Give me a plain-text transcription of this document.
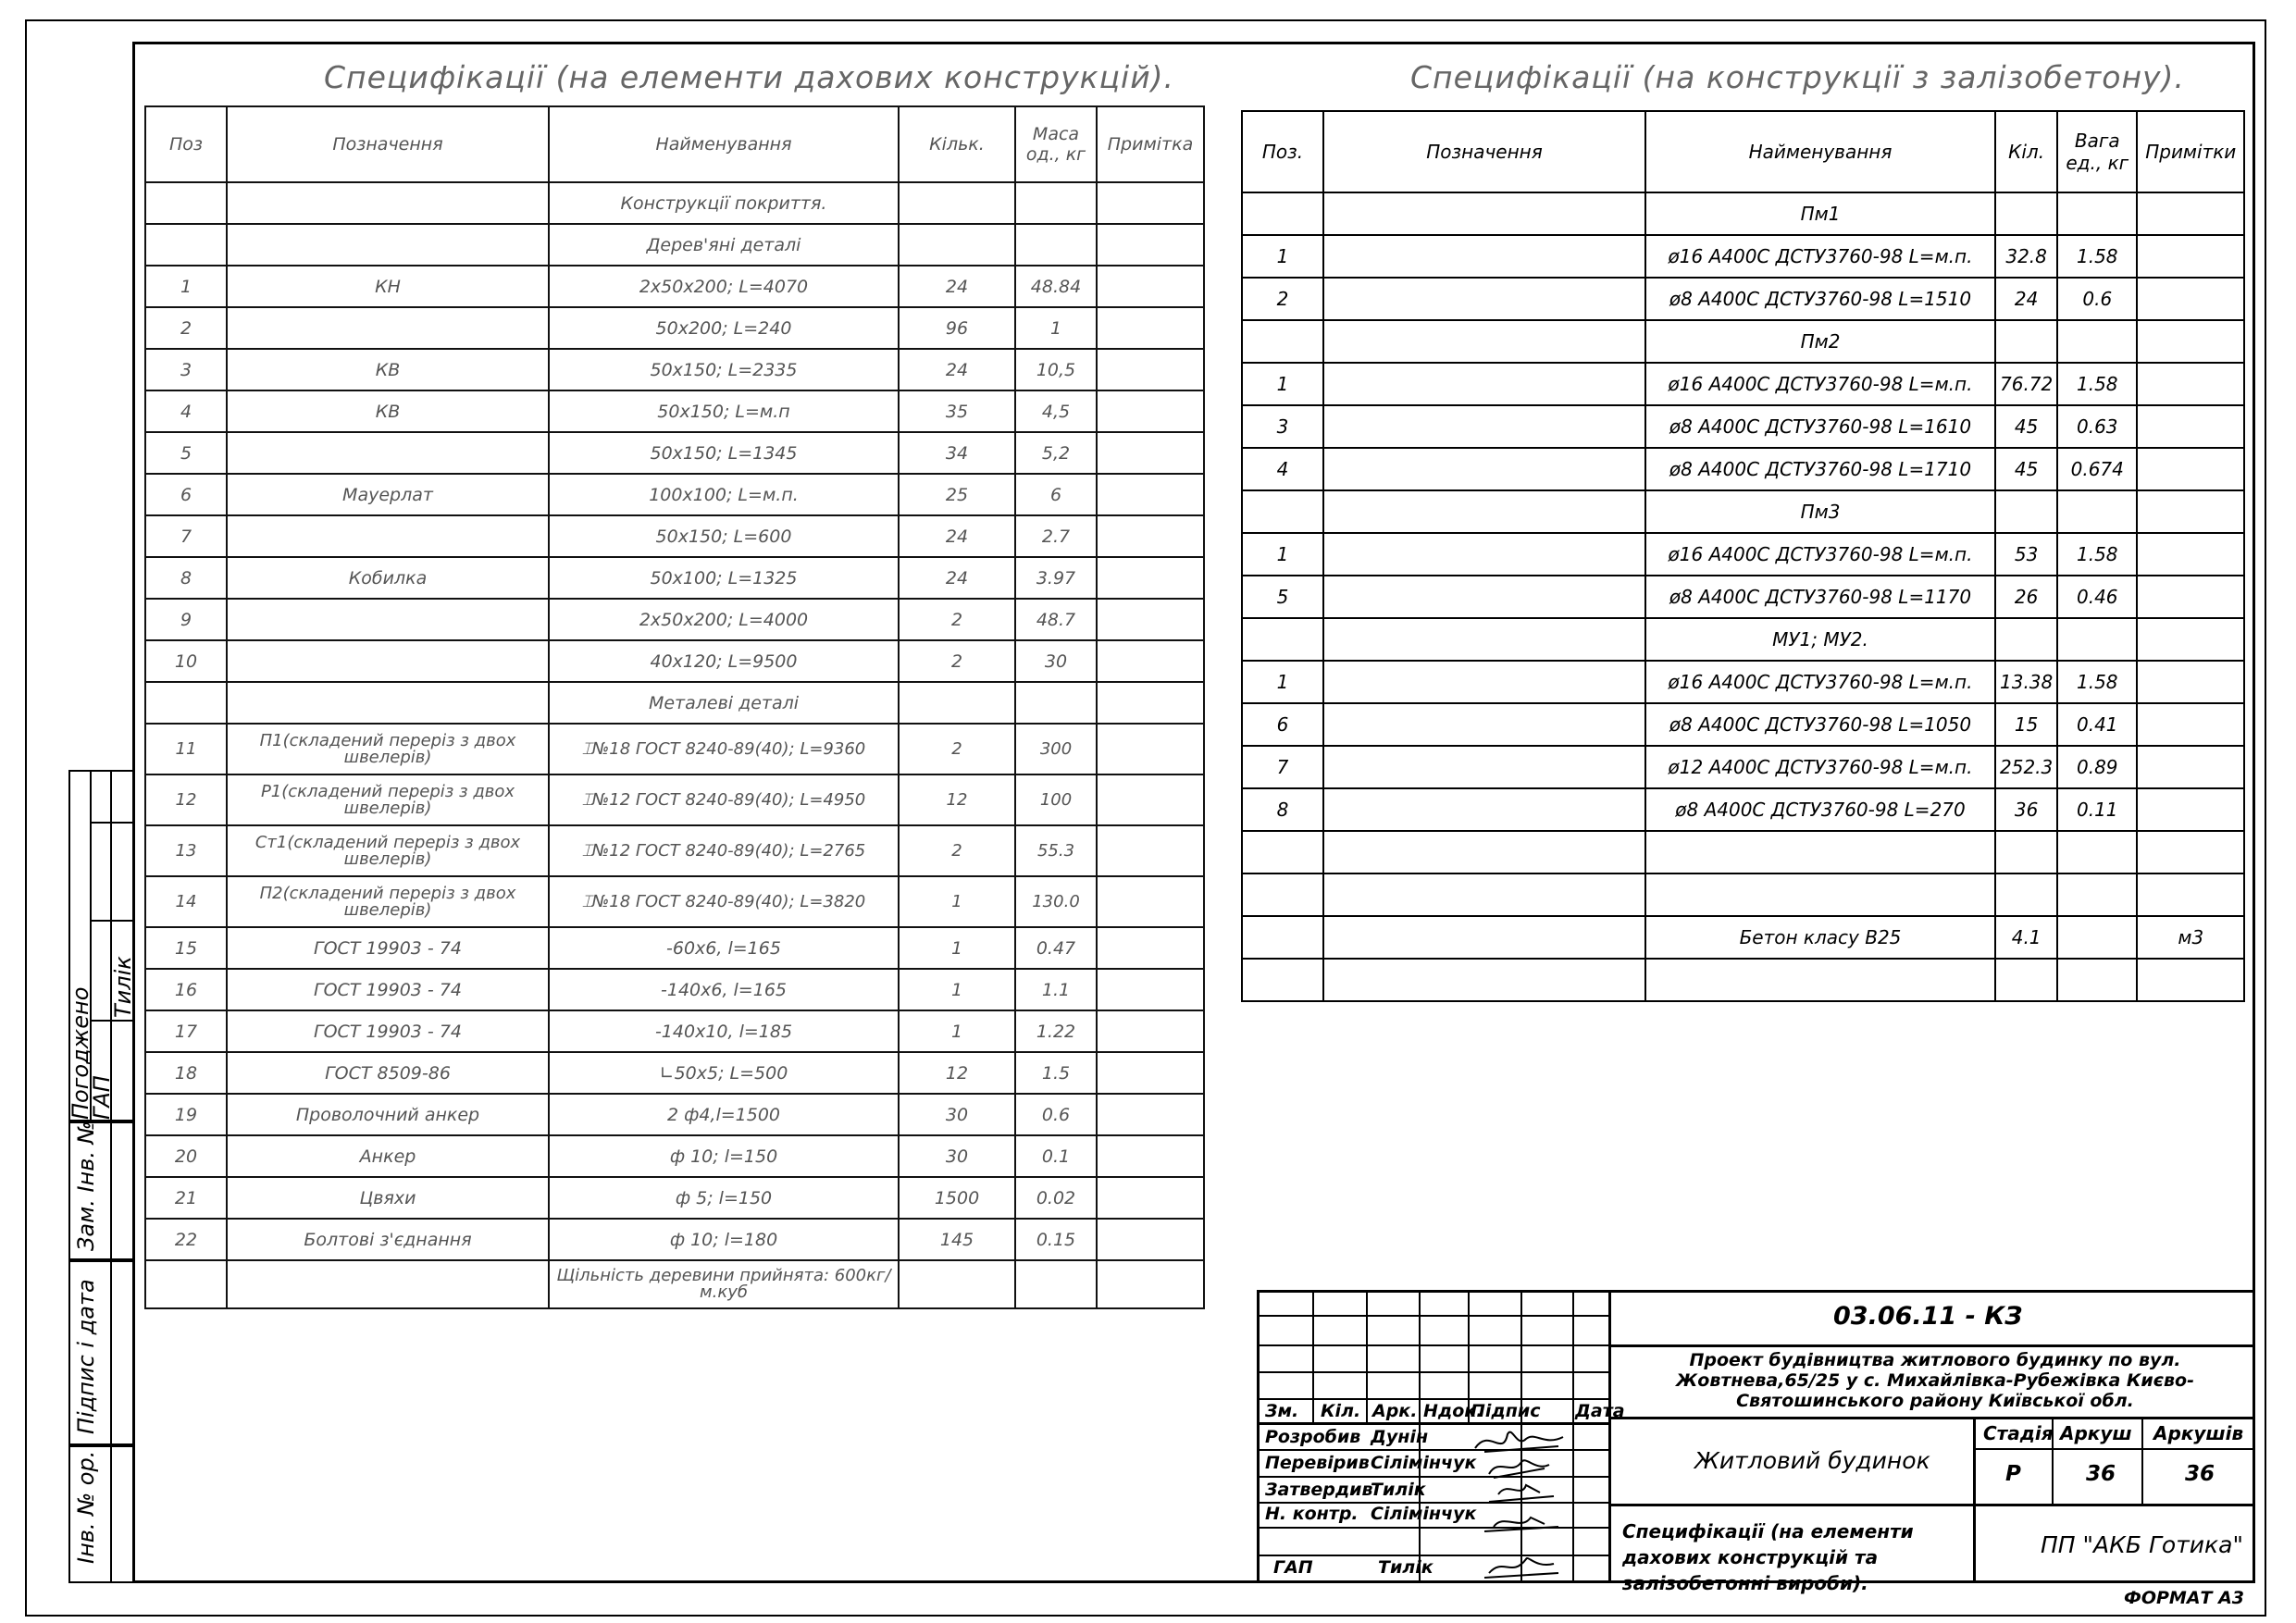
Погоджено
ГАП
Тилік
Зам. Інв. №
Підпис і дата
Інв. № ор.
Специфікації (на елементи дахових конструкцій).	Специфікації (на конструкції з залізобетону).
Поз	Позначення	Найменування	Кільк.	Маса од., кг	Примітка
		Конструкції покриття.			
		Дерев'яні деталі			
1	КН	2х50х200; L=4070	24	48.84	
2		50х200; L=240	96	1	
3	КВ	50х150; L=2335	24	10,5	
4	КВ	50х150; L=м.п	35	4,5	
5		50х150; L=1345	34	5,2	
6	Мауерлат	100х100; L=м.п.	25	6	
7		50х150; L=600	24	2.7	
8	Кобилка	50х100; L=1325	24	3.97	
9		2х50х200; L=4000	2	48.7	
10		40х120; L=9500	2	30	
		Металеві деталі			
11	П1(складений переріз з двох швелерів)	⌶№18 ГОСТ 8240-89(40); L=9360	2	300	
12	Р1(складений переріз з двох швелерів)	⌶№12 ГОСТ 8240-89(40); L=4950	12	100	
13	Ст1(складений переріз з двох швелерів)	⌶№12 ГОСТ 8240-89(40); L=2765	2	55.3	
14	П2(складений переріз з двох швелерів)	⌶№18 ГОСТ 8240-89(40); L=3820	1	130.0	
15	ГОСТ 19903 - 74	-60х6, l=165	1	0.47	
16	ГОСТ 19903 - 74	-140х6, l=165	1	1.1	
17	ГОСТ 19903 - 74	-140х10, l=185	1	1.22	
18	ГОСТ 8509-86	∟50х5; L=500	12	1.5	
19	Проволочний анкер	2 ф4,l=1500	30	0.6	
20	Анкер	ф 10; l=150	30	0.1	
21	Цвяхи	ф 5; l=150	1500	0.02	
22	Болтові з'єднання	ф 10; l=180	145	0.15	
		Щільність деревини прийнята: 600кг/м.куб			
Поз.	Позначення	Найменування	Кіл.	Вага ед., кг	Примітки
		Пм1			
1		ø16 А400С ДСТУ3760-98 L=м.п.	32.8	1.58	
2		ø8 А400С ДСТУ3760-98 L=1510	24	0.6	
		Пм2			
1		ø16 А400С ДСТУ3760-98 L=м.п.	76.72	1.58	
3		ø8 А400С ДСТУ3760-98 L=1610	45	0.63	
4		ø8 А400С ДСТУ3760-98 L=1710	45	0.674	
		Пм3			
1		ø16 А400С ДСТУ3760-98 L=м.п.	53	1.58	
5		ø8 А400С ДСТУ3760-98 L=1170	26	0.46	
		МУ1; МУ2.			
1		ø16 А400С ДСТУ3760-98 L=м.п.	13.38	1.58	
6		ø8 А400С ДСТУ3760-98 L=1050	15	0.41	
7		ø12 А400С ДСТУ3760-98 L=м.п.	252.3	0.89	
8		ø8 А400С ДСТУ3760-98 L=270	36	0.11	

		Бетон класу В25	4.1		м3

03.06.11 - КЗ
Проект будівництва житлового будинку по вул. Жовтнева,65/25 у с. Михайлівка-Рубежівка Києво-Святошинського району Київської обл.
Житловий будинок
Специфікації (на елементи дахових конструкцій та залізобетонні вироби).
ПП "АКБ Готика"
Стадія Аркуш Аркушів
Р	36	36
Зм. Кіл. Арк. Ндок.
Підпис Дата
Розробив Дунін
Перевірив Сілімінчук
Затвердив
Тилік
Н. контр. Сілімінчук
ГАП	Тилік
ФОРМАТ А3
